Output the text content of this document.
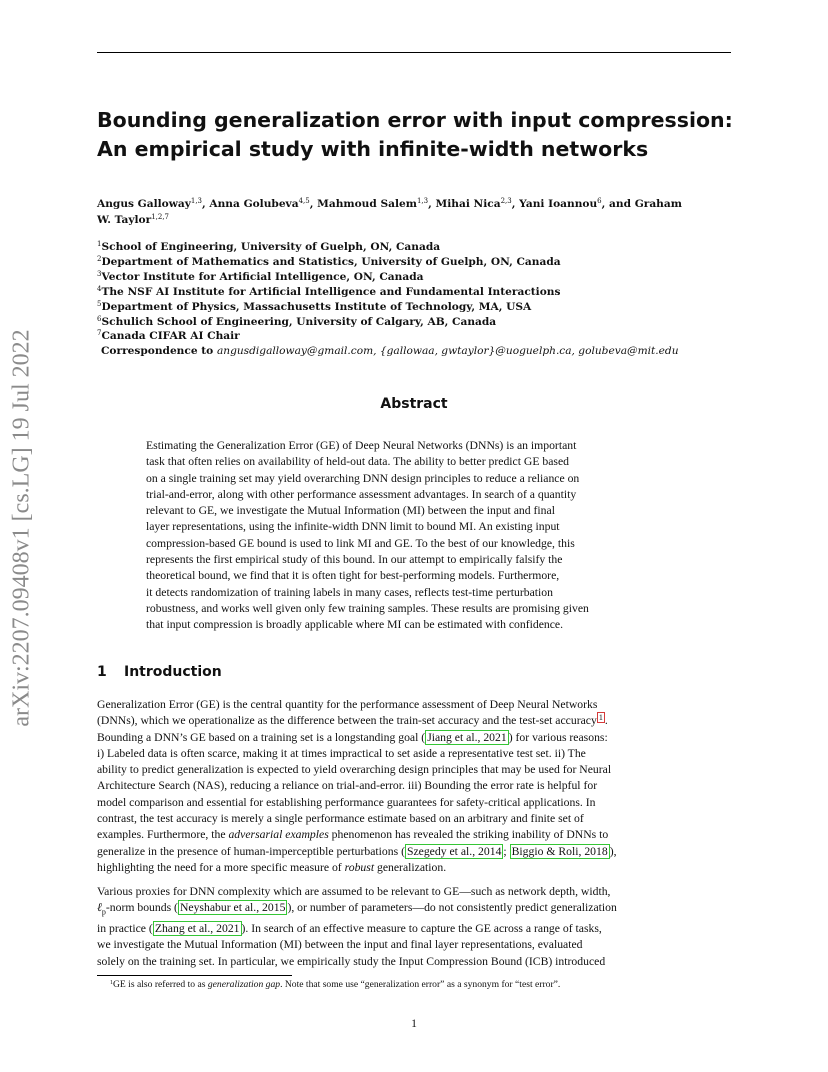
arXiv:2207.09408v1 [cs.LG] 19 Jul 2022
Bounding generalization error with input compression:
An empirical study with infinite-width networks
Angus Galloway$^{1,3}$, Anna Golubeva$^{4,5}$, Mahmoud Salem$^{1,3}$, Mihai Nica$^{2,3}$, Yani Ioannou$^6$, and Graham
W. Taylor$^{1,2,7}$
$^1$School of Engineering, University of Guelph, ON, Canada
$^2$Department of Mathematics and Statistics, University of Guelph, ON, Canada
$^3$Vector Institute for Artificial Intelligence, ON, Canada
$^4$The NSF AI Institute for Artificial Intelligence and Fundamental Interactions
$^5$Department of Physics, Massachusetts Institute of Technology, MA, USA
$^6$Schulich School of Engineering, University of Calgary, AB, Canada
$^7$Canada CIFAR AI Chair
Correspondence to angusdigalloway@gmail.com, {gallowaa, gwtaylor}@uoguelph.ca, golubeva@mit.edu
Abstract
Estimating the Generalization Error (GE) of Deep Neural Networks (DNNs) is an important
task that often relies on availability of held-out data. The ability to better predict GE based
on a single training set may yield overarching DNN design principles to reduce a reliance on
trial-and-error, along with other performance assessment advantages. In search of a quantity
relevant to GE, we investigate the Mutual Information (MI) between the input and final
layer representations, using the infinite-width DNN limit to bound MI. An existing input
compression-based GE bound is used to link MI and GE. To the best of our knowledge, this
represents the first empirical study of this bound. In our attempt to empirically falsify the
theoretical bound, we find that it is often tight for best-performing models. Furthermore,
it detects randomization of training labels in many cases, reflects test-time perturbation
robustness, and works well given only few training samples. These results are promising given
that input compression is broadly applicable where MI can be estimated with confidence.
1 Introduction
Generalization Error (GE) is the central quantity for the performance assessment of Deep Neural Networks
(DNNs), which we operationalize as the difference between the train-set accuracy and the test-set accuracy $^1$ .
Bounding a DNN’s GE based on a training set is a longstanding goal ( Jiang et al., 2021 ) for various reasons:
i) Labeled data is often scarce, making it at times impractical to set aside a representative test set. ii) The
ability to predict generalization is expected to yield overarching design principles that may be used for Neural
Architecture Search (NAS), reducing a reliance on trial-and-error. iii) Bounding the error rate is helpful for
model comparison and essential for establishing performance guarantees for safety-critical applications. In
contrast, the test accuracy is merely a single performance estimate based on an arbitrary and finite set of
examples. Furthermore, the adversarial examples phenomenon has revealed the striking inability of DNNs to
generalize in the presence of human-imperceptible perturbations ( Szegedy et al., 2014 ; Biggio & Roli, 2018 ),
highlighting the need for a more specific measure of robust generalization.
Various proxies for DNN complexity which are assumed to be relevant to GE—such as network depth, width,
ℓ$_p$-norm bounds ( Neyshabur et al., 2015 ), or number of parameters—do not consistently predict generalization
in practice ( Zhang et al., 2021 ). In search of an effective measure to capture the GE across a range of tasks,
we investigate the Mutual Information (MI) between the input and final layer representations, evaluated
solely on the training set. In particular, we empirically study the Input Compression Bound (ICB) introduced
$^1$GE is also referred to as generalization gap. Note that some use “generalization error” as a synonym for “test error”.
1
